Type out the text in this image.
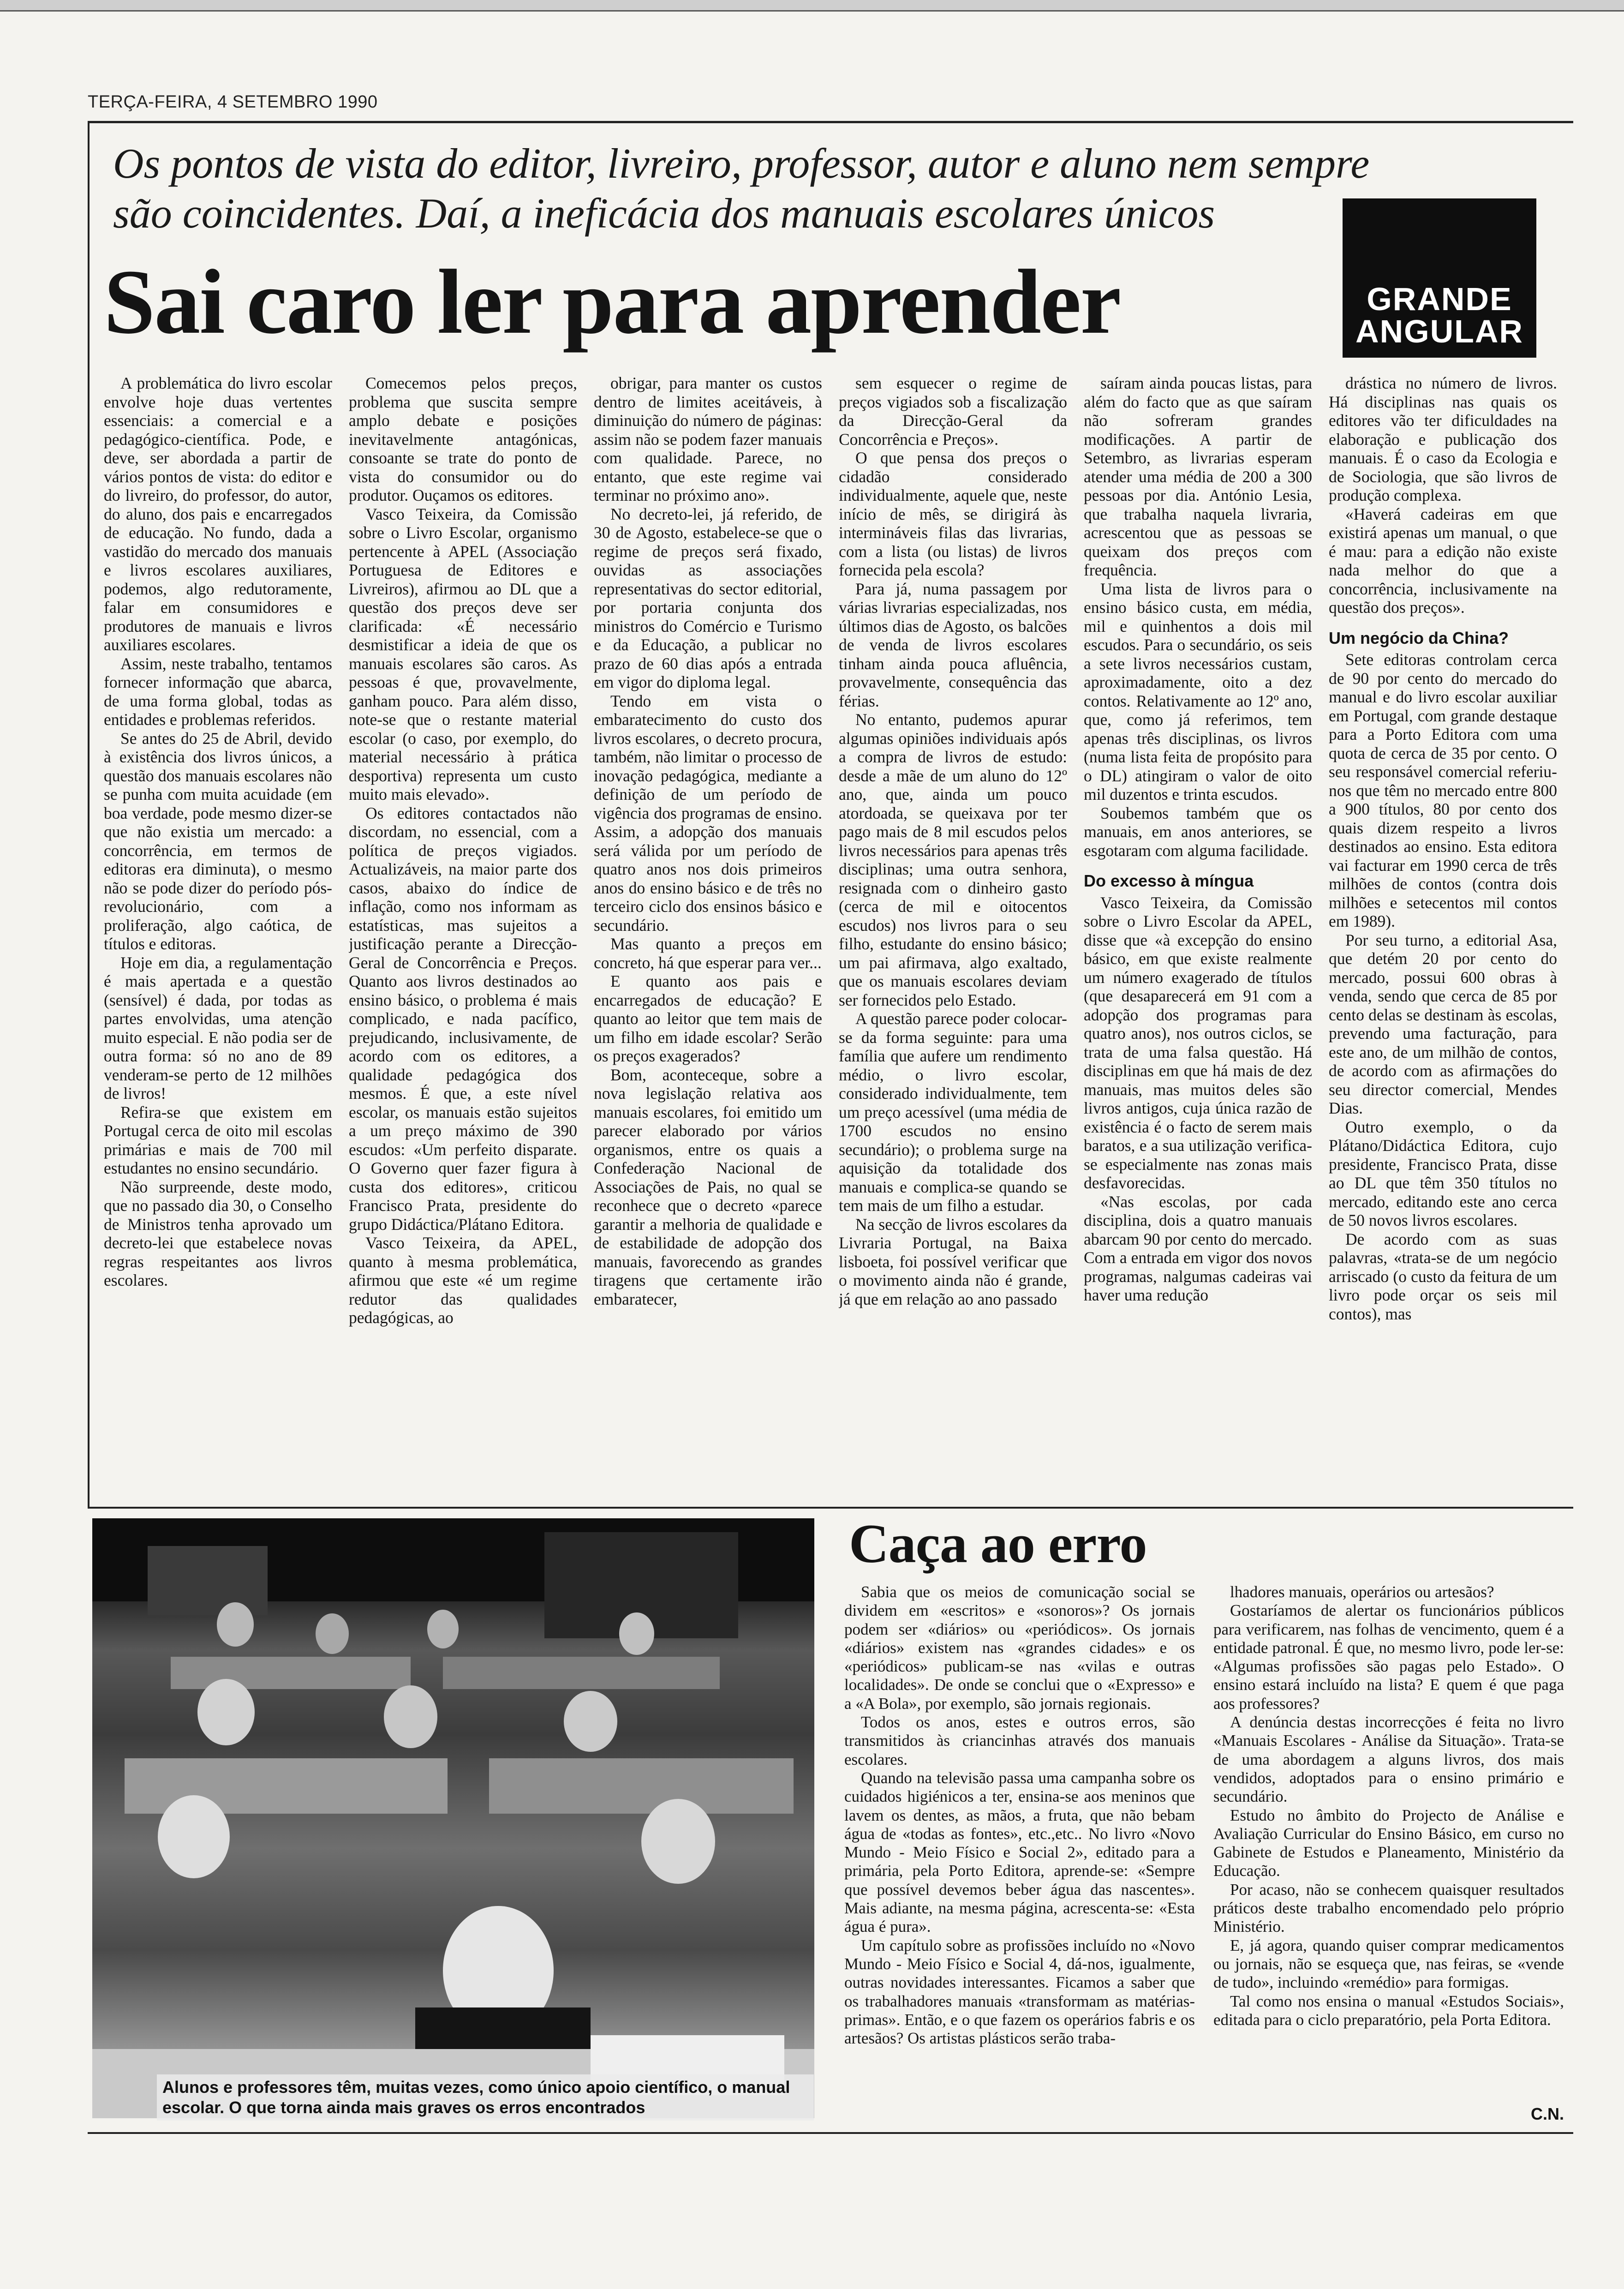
TERÇA-FEIRA, 4 SETEMBRO 1990
Os pontos de vista do editor, livreiro, professor, autor e aluno nem sempre
são coincidentes. Daí, a ineficácia dos manuais escolares únicos
Sai caro ler para aprender	GRANDE
ANGULAR

A problemática do livro escolar envolve hoje duas vertentes essenciais: a comercial e a pedagógico-científica. Pode, e deve, ser abordada a partir de vários pontos de vista: do editor e do livreiro, do professor, do autor, do aluno, dos pais e encarregados de educação. No fundo, dada a vastidão do mercado dos manuais e livros escolares auxiliares, podemos, algo redutoramente, falar em consumidores e produtores de manuais e livros auxiliares escolares.

Assim, neste trabalho, tentamos fornecer informação que abarca, de uma forma global, todas as entidades e problemas referidos.

Se antes do 25 de Abril, devido à existência dos livros únicos, a questão dos manuais escolares não se punha com muita acuidade (em boa verdade, pode mesmo dizer-se que não existia um mercado: a concorrência, em termos de editoras era diminuta), o mesmo não se pode dizer do período pós-revolucionário, com a proliferação, algo caótica, de títulos e editoras.

Hoje em dia, a regulamentação é mais apertada e a questão (sensível) é dada, por todas as partes envolvidas, uma atenção muito especial. E não podia ser de outra forma: só no ano de 89 venderam-se perto de 12 milhões de livros!

Refira-se que existem em Portugal cerca de oito mil escolas primárias e mais de 700 mil estudantes no ensino secundário.

Não surpreende, deste modo, que no passado dia 30, o Conselho de Ministros tenha aprovado um decreto-lei que estabelece novas regras respeitantes aos livros escolares.

Comecemos pelos preços, problema que suscita sempre amplo debate e posições inevitavelmente antagónicas, consoante se trate do ponto de vista do consumidor ou do produtor. Ouçamos os editores.

Vasco Teixeira, da Comissão sobre o Livro Escolar, organismo pertencente à APEL (Associação Portuguesa de Editores e Livreiros), afirmou ao DL que a questão dos preços deve ser clarificada: «É necessário desmistificar a ideia de que os manuais escolares são caros. As pessoas é que, provavelmente, ganham pouco. Para além disso, note-se que o restante material escolar (o caso, por exemplo, do material necessário à prática desportiva) representa um custo muito mais elevado».

Os editores contactados não discordam, no essencial, com a política de preços vigiados. Actualizáveis, na maior parte dos casos, abaixo do índice de inflação, como nos informam as estatísticas, mas sujeitos a justificação perante a Direcção-Geral de Concorrência e Preços. Quanto aos livros destinados ao ensino básico, o problema é mais complicado, e nada pacífico, prejudicando, inclusivamente, de acordo com os editores, a qualidade pedagógica dos mesmos. É que, a este nível escolar, os manuais estão sujeitos a um preço máximo de 390 escudos: «Um perfeito disparate. O Governo quer fazer figura à custa dos editores», criticou Francisco Prata, presidente do grupo Didáctica/Plátano Editora.

Vasco Teixeira, da APEL, quanto à mesma problemática, afirmou que este «é um regime redutor das qualidades pedagógicas, ao

obrigar, para manter os custos dentro de limites aceitáveis, à diminuição do número de páginas: assim não se podem fazer manuais com qualidade. Parece, no entanto, que este regime vai terminar no próximo ano».

No decreto-lei, já referido, de 30 de Agosto, estabelece-se que o regime de preços será fixado, ouvidas as associações representativas do sector editorial, por portaria conjunta dos ministros do Comércio e Turismo e da Educação, a publicar no prazo de 60 dias após a entrada em vigor do diploma legal.

Tendo em vista o embaratecimento do custo dos livros escolares, o decreto procura, também, não limitar o processo de inovação pedagógica, mediante a definição de um período de vigência dos programas de ensino. Assim, a adopção dos manuais será válida por um período de quatro anos nos dois primeiros anos do ensino básico e de três no terceiro ciclo dos ensinos básico e secundário.

Mas quanto a preços em concreto, há que esperar para ver...

E quanto aos pais e encarregados de educação? E quanto ao leitor que tem mais de um filho em idade escolar? Serão os preços exagerados?

Bom, aconteceque, sobre a nova legislação relativa aos manuais escolares, foi emitido um parecer elaborado por vários organismos, entre os quais a Confederação Nacional de Associações de Pais, no qual se reconhece que o decreto «parece garantir a melhoria de qualidade e de estabilidade de adopção dos manuais, favorecendo as grandes tiragens que certamente irão embaratecer,

sem esquecer o regime de preços vigiados sob a fiscalização da Direcção-Geral da Concorrência e Preços».

O que pensa dos preços o cidadão considerado individualmente, aquele que, neste início de mês, se dirigirá às intermináveis filas das livrarias, com a lista (ou listas) de livros fornecida pela escola?

Para já, numa passagem por várias livrarias especializadas, nos últimos dias de Agosto, os balcões de venda de livros escolares tinham ainda pouca afluência, provavelmente, consequência das férias.

No entanto, pudemos apurar algumas opiniões individuais após a compra de livros de estudo: desde a mãe de um aluno do 12º ano, que, ainda um pouco atordoada, se queixava por ter pago mais de 8 mil escudos pelos livros necessários para apenas três disciplinas; uma outra senhora, resignada com o dinheiro gasto (cerca de mil e oitocentos escudos) nos livros para o seu filho, estudante do ensino básico; um pai afirmava, algo exaltado, que os manuais escolares deviam ser fornecidos pelo Estado.

A questão parece poder colocar-se da forma seguinte: para uma família que aufere um rendimento médio, o livro escolar, considerado individualmente, tem um preço acessível (uma média de 1700 escudos no ensino secundário); o problema surge na aquisição da totalidade dos manuais e complica-se quando se tem mais de um filho a estudar.

Na secção de livros escolares da Livraria Portugal, na Baixa lisboeta, foi possível verificar que o movimento ainda não é grande, já que em relação ao ano passado

saíram ainda poucas listas, para além do facto que as que saíram não sofreram grandes modificações. A partir de Setembro, as livrarias esperam atender uma média de 200 a 300 pessoas por dia. António Lesia, que trabalha naquela livraria, acrescentou que as pessoas se queixam dos preços com frequência.

Uma lista de livros para o ensino básico custa, em média, mil e quinhentos a dois mil escudos. Para o secundário, os seis a sete livros necessários custam, aproximadamente, oito a dez contos. Relativamente ao 12º ano, que, como já referimos, tem apenas três disciplinas, os livros (numa lista feita de propósito para o DL) atingiram o valor de oito mil duzentos e trinta escudos.

Soubemos também que os manuais, em anos anteriores, se esgotaram com alguma facilidade.

Do excesso à míngua

Vasco Teixeira, da Comissão sobre o Livro Escolar da APEL, disse que «à excepção do ensino básico, em que existe realmente um número exagerado de títulos (que desaparecerá em 91 com a adopção dos programas para quatro anos), nos outros ciclos, se trata de uma falsa questão. Há disciplinas em que há mais de dez manuais, mas muitos deles são livros antigos, cuja única razão de existência é o facto de serem mais baratos, e a sua utilização verifica-se especialmente nas zonas mais desfavorecidas.

«Nas escolas, por cada disciplina, dois a quatro manuais abarcam 90 por cento do mercado. Com a entrada em vigor dos novos programas, nalgumas cadeiras vai haver uma redução

drástica no número de livros. Há disciplinas nas quais os editores vão ter dificuldades na elaboração e publicação dos manuais. É o caso da Ecologia e de Sociologia, que são livros de produção complexa.

«Haverá cadeiras em que existirá apenas um manual, o que é mau: para a edição não existe nada melhor do que a concorrência, inclusivamente na questão dos preços».

Um negócio da China?

Sete editoras controlam cerca de 90 por cento do mercado do manual e do livro escolar auxiliar em Portugal, com grande destaque para a Porto Editora com uma quota de cerca de 35 por cento. O seu responsável comercial referiu-nos que têm no mercado entre 800 a 900 títulos, 80 por cento dos quais dizem respeito a livros destinados ao ensino. Esta editora vai facturar em 1990 cerca de três milhões de contos (contra dois milhões e setecentos mil contos em 1989).

Por seu turno, a editorial Asa, que detém 20 por cento do mercado, possui 600 obras à venda, sendo que cerca de 85 por cento delas se destinam às escolas, prevendo uma facturação, para este ano, de um milhão de contos, de acordo com as afirmações do seu director comercial, Mendes Dias.

Outro exemplo, o da Plátano/Didáctica Editora, cujo presidente, Francisco Prata, disse ao DL que têm 350 títulos no mercado, editando este ano cerca de 50 novos livros escolares.

De acordo com as suas palavras, «trata-se de um negócio arriscado (o custo da feitura de um livro pode orçar os seis mil contos), mas

Alunos e professores têm, muitas vezes, como único apoio científico, o manual escolar. O que torna ainda mais graves os erros encontrados
Caça ao erro

Sabia que os meios de comunicação social se dividem em «escritos» e «sonoros»? Os jornais podem ser «diários» ou «periódicos». Os jornais «diários» existem nas «grandes cidades» e os «periódicos» publicam-se nas «vilas e outras localidades». De onde se conclui que o «Expresso» e a «A Bola», por exemplo, são jornais regionais.

Todos os anos, estes e outros erros, são transmitidos às criancinhas através dos manuais escolares.

Quando na televisão passa uma campanha sobre os cuidados higiénicos a ter, ensina-se aos meninos que lavem os dentes, as mãos, a fruta, que não bebam água de «todas as fontes», etc.,etc.. No livro «Novo Mundo - Meio Físico e Social 2», editado para a primária, pela Porto Editora, aprende-se: «Sempre que possível devemos beber água das nascentes». Mais adiante, na mesma página, acrescenta-se: «Esta água é pura».

Um capítulo sobre as profissões incluído no «Novo Mundo - Meio Físico e Social 4, dá-nos, igualmente, outras novidades interessantes. Ficamos a saber que os trabalhadores manuais «transformam as matérias-primas». Então, e o que fazem os operários fabris e os artesãos? Os artistas plásticos serão traba-

lhadores manuais, operários ou artesãos?

Gostaríamos de alertar os funcionários públicos para verificarem, nas folhas de vencimento, quem é a entidade patronal. É que, no mesmo livro, pode ler-se: «Algumas profissões são pagas pelo Estado». O ensino estará incluído na lista? E quem é que paga aos professores?

A denúncia destas incorrecções é feita no livro «Manuais Escolares - Análise da Situação». Trata-se de uma abordagem a alguns livros, dos mais vendidos, adoptados para o ensino primário e secundário.

Estudo no âmbito do Projecto de Análise e Avaliação Curricular do Ensino Básico, em curso no Gabinete de Estudos e Planeamento, Ministério da Educação.

Por acaso, não se conhecem quaisquer resultados práticos deste trabalho encomendado pelo próprio Ministério.

E, já agora, quando quiser comprar medicamentos ou jornais, não se esqueça que, nas feiras, se «vende de tudo», incluindo «remédio» para formigas.

Tal como nos ensina o manual «Estudos Sociais», editada para o ciclo preparatório, pela Porta Editora.

C.N.
